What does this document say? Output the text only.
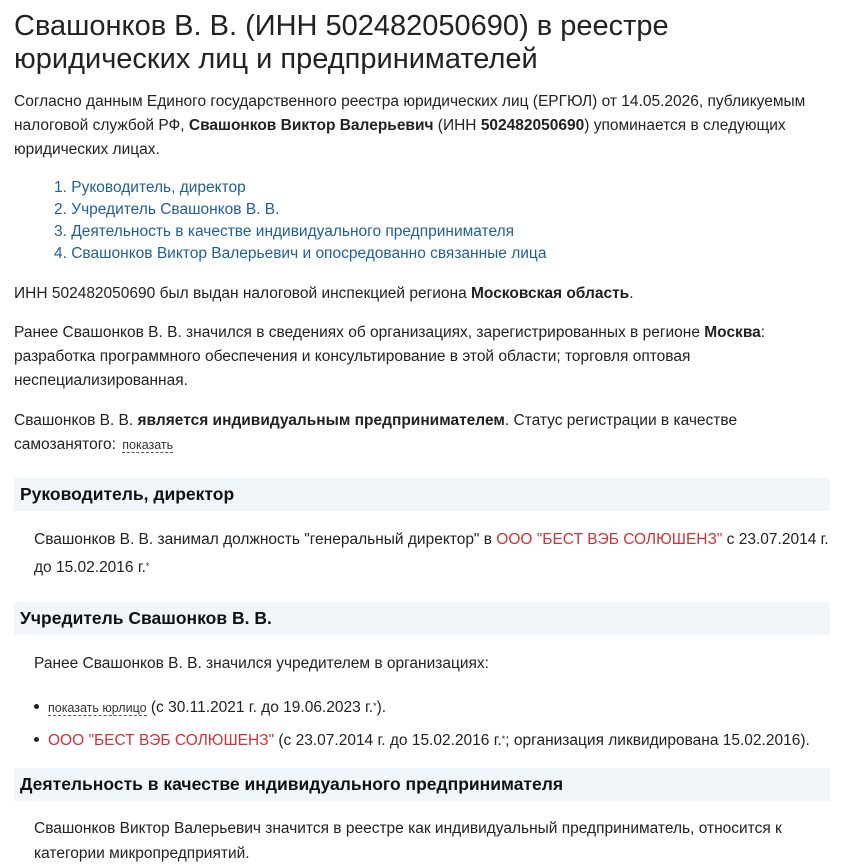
Свашонков В. В. (ИНН 502482050690) в реестре юридических лиц и предпринимателей
Согласно данным Единого государственного реестра юридических лиц (ЕРГЮЛ) от 14.05.2026, публикуемым налоговой службой РФ, Свашонков Виктор Валерьевич (ИНН 502482050690) упоминается в следующих юридических лицах.
1. Руководитель, директор
2. Учредитель Свашонков В. В.
3. Деятельность в качестве индивидуального предпринимателя
4. Свашонков Виктор Валерьевич и опосредованно связанные лица
ИНН 502482050690 был выдан налоговой инспекцией региона Московская область.
Ранее Свашонков В. В. значился в сведениях об организациях, зарегистрированных в регионе Москва: разработка программного обеспечения и консультирование в этой области; торговля оптовая неспециализированная.
Свашонков В. В. является индивидуальным предпринимателем. Статус регистрации в качестве самозанятого: показать
Руководитель, директор
Свашонков В. В. занимал должность "генеральный директор" в ООО "БЕСТ ВЭБ СОЛЮШЕНЗ" с 23.07.2014 г. до 15.02.2016 г.*
Учредитель Свашонков В. В.
Ранее Свашонков В. В. значился учредителем в организациях:
показать юрлицо (с 30.11.2021 г. до 19.06.2023 г.*).
ООО "БЕСТ ВЭБ СОЛЮШЕНЗ" (с 23.07.2014 г. до 15.02.2016 г.*; организация ликвидирована 15.02.2016).
Деятельность в качестве индивидуального предпринимателя
Свашонков Виктор Валерьевич значится в реестре как индивидуальный предприниматель, относится к категории микропредприятий.
